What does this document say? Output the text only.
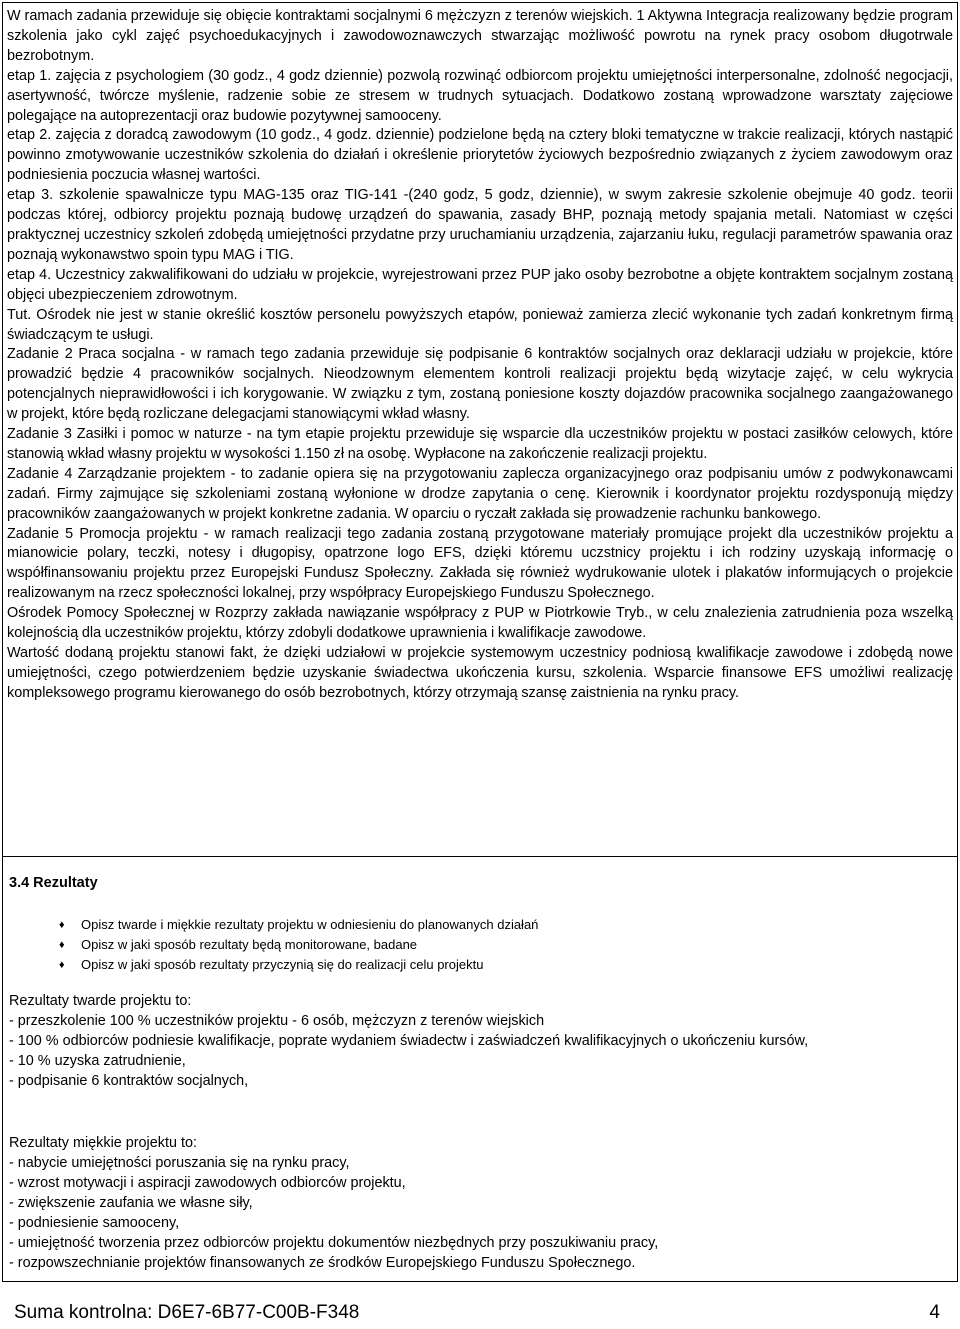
W ramach zadania przewiduje się obięcie kontraktami socjalnymi 6 mężczyzn z terenów wiejskich. 1 Aktywna Integracja realizowany będzie program szkolenia jako cykl zajęć psychoedukacyjnych i zawodowoznawczych stwarzając możliwość powrotu na rynek pracy osobom długotrwale bezrobotnym.

etap 1. zajęcia z psychologiem (30 godz., 4 godz dziennie) pozwolą rozwinąć odbiorcom projektu umiejętności interpersonalne, zdolność negocjacji, asertywność, twórcze myślenie, radzenie sobie ze stresem w trudnych sytuacjach. Dodatkowo zostaną wprowadzone warsztaty zajęciowe polegające na autoprezentacji oraz budowie pozytywnej samooceny.

etap 2. zajęcia z doradcą zawodowym (10 godz., 4 godz. dziennie) podzielone będą na cztery bloki tematyczne w trakcie realizacji, których nastąpić powinno zmotywowanie uczestników szkolenia do działań i określenie priorytetów życiowych bezpośrednio związanych z życiem zawodowym oraz podniesienia poczucia własnej wartości.

etap 3. szkolenie spawalnicze typu MAG-135 oraz TIG-141 -(240 godz, 5 godz, dziennie), w swym zakresie szkolenie obejmuje 40 godz. teorii podczas której, odbiorcy projektu poznają budowę urządzeń do spawania, zasady BHP, poznają metody spajania metali. Natomiast w części praktycznej uczestnicy szkoleń zdobędą umiejętności przydatne przy uruchamianiu urządzenia, zajarzaniu łuku, regulacji parametrów spawania oraz poznają wykonawstwo spoin typu MAG i TIG.

etap 4. Uczestnicy zakwalifikowani do udziału w projekcie, wyrejestrowani przez PUP jako osoby bezrobotne a objęte kontraktem socjalnym zostaną objęci ubezpieczeniem zdrowotnym.

Tut. Ośrodek nie jest w stanie określić kosztów personelu powyższych etapów, ponieważ zamierza zlecić wykonanie tych zadań konkretnym firmą świadczącym te usługi.

Zadanie 2 Praca socjalna - w ramach tego zadania przewiduje się podpisanie 6 kontraktów socjalnych oraz deklaracji udziału w projekcie, które prowadzić będzie 4 pracowników socjalnych. Nieodzownym elementem kontroli realizacji projektu będą wizytacje zajęć, w celu wykrycia potencjalnych nieprawidłowości i ich korygowanie. W związku z tym, zostaną poniesione koszty dojazdów pracownika socjalnego zaangażowanego w projekt, które będą rozliczane delegacjami stanowiącymi wkład własny.

Zadanie 3 Zasiłki i pomoc w naturze - na tym etapie projektu przewiduje się wsparcie dla uczestników projektu w postaci zasiłków celowych, które stanowią wkład własny projektu w wysokości 1.150 zł na osobę. Wypłacone na zakończenie realizacji projektu.

Zadanie 4 Zarządzanie projektem - to zadanie opiera się na przygotowaniu zaplecza organizacyjnego oraz podpisaniu umów z podwykonawcami zadań. Firmy zajmujące się szkoleniami zostaną wyłonione w drodze zapytania o cenę. Kierownik i koordynator projektu rozdysponują między pracowników zaangażowanych w projekt konkretne zadania. W oparciu o ryczałt zakłada się prowadzenie rachunku bankowego.

Zadanie 5 Promocja projektu - w ramach realizacji tego zadania zostaną przygotowane materiały promujące projekt dla uczestników projektu a mianowicie polary, teczki, notesy i długopisy, opatrzone logo EFS, dzięki któremu uczstnicy projektu i ich rodziny uzyskają informację o współfinansowaniu projektu przez Europejski Fundusz Społeczny. Zakłada się również wydrukowanie ulotek i plakatów informujących o projekcie realizowanym na rzecz społeczności lokalnej, przy współpracy Europejskiego Funduszu Społecznego.

Ośrodek Pomocy Społecznej w Rozprzy zakłada nawiązanie współpracy z PUP w Piotrkowie Tryb., w celu znalezienia zatrudnienia poza wszelką kolejnością dla uczestników projektu, którzy zdobyli dodatkowe uprawnienia i kwalifikacje zawodowe.

Wartość dodaną projektu stanowi fakt, że dzięki udziałowi w projekcie systemowym uczestnicy podniosą kwalifikacje zawodowe i zdobędą nowe umiejętności, czego potwierdzeniem będzie uzyskanie świadectwa ukończenia kursu, szkolenia. Wsparcie finansowe EFS umożliwi realizację kompleksowego programu kierowanego do osób bezrobotnych, którzy otrzymają szansę zaistnienia na rynku pracy.

3.4 Rezultaty
♦	Opisz twarde i miękkie rezultaty projektu w odniesieniu do planowanych działań
♦	Opisz w jaki sposób rezultaty będą monitorowane, badane
♦	Opisz w jaki sposób rezultaty przyczynią się do realizacji celu projektu

Rezultaty twarde projektu to:

- przeszkolenie 100 % uczestników projektu - 6 osób, mężczyzn z terenów wiejskich

- 100 % odbiorców podniesie kwalifikacje, poprate wydaniem świadectw i zaświadczeń kwalifikacyjnych o ukończeniu kursów,

- 10 % uzyska zatrudnienie,

- podpisanie 6 kontraktów socjalnych,

Rezultaty miękkie projektu to:

- nabycie umiejętności poruszania się na rynku pracy,

- wzrost motywacji i aspiracji zawodowych odbiorców projektu,

- zwiększenie zaufania we własne siły,

- podniesienie samooceny,

- umiejętność tworzenia przez odbiorców projektu dokumentów niezbędnych przy poszukiwaniu pracy,

- rozpowszechnianie projektów finansowanych ze środków Europejskiego Funduszu Społecznego.

Suma kontrolna: D6E7-6B77-C00B-F348	4
